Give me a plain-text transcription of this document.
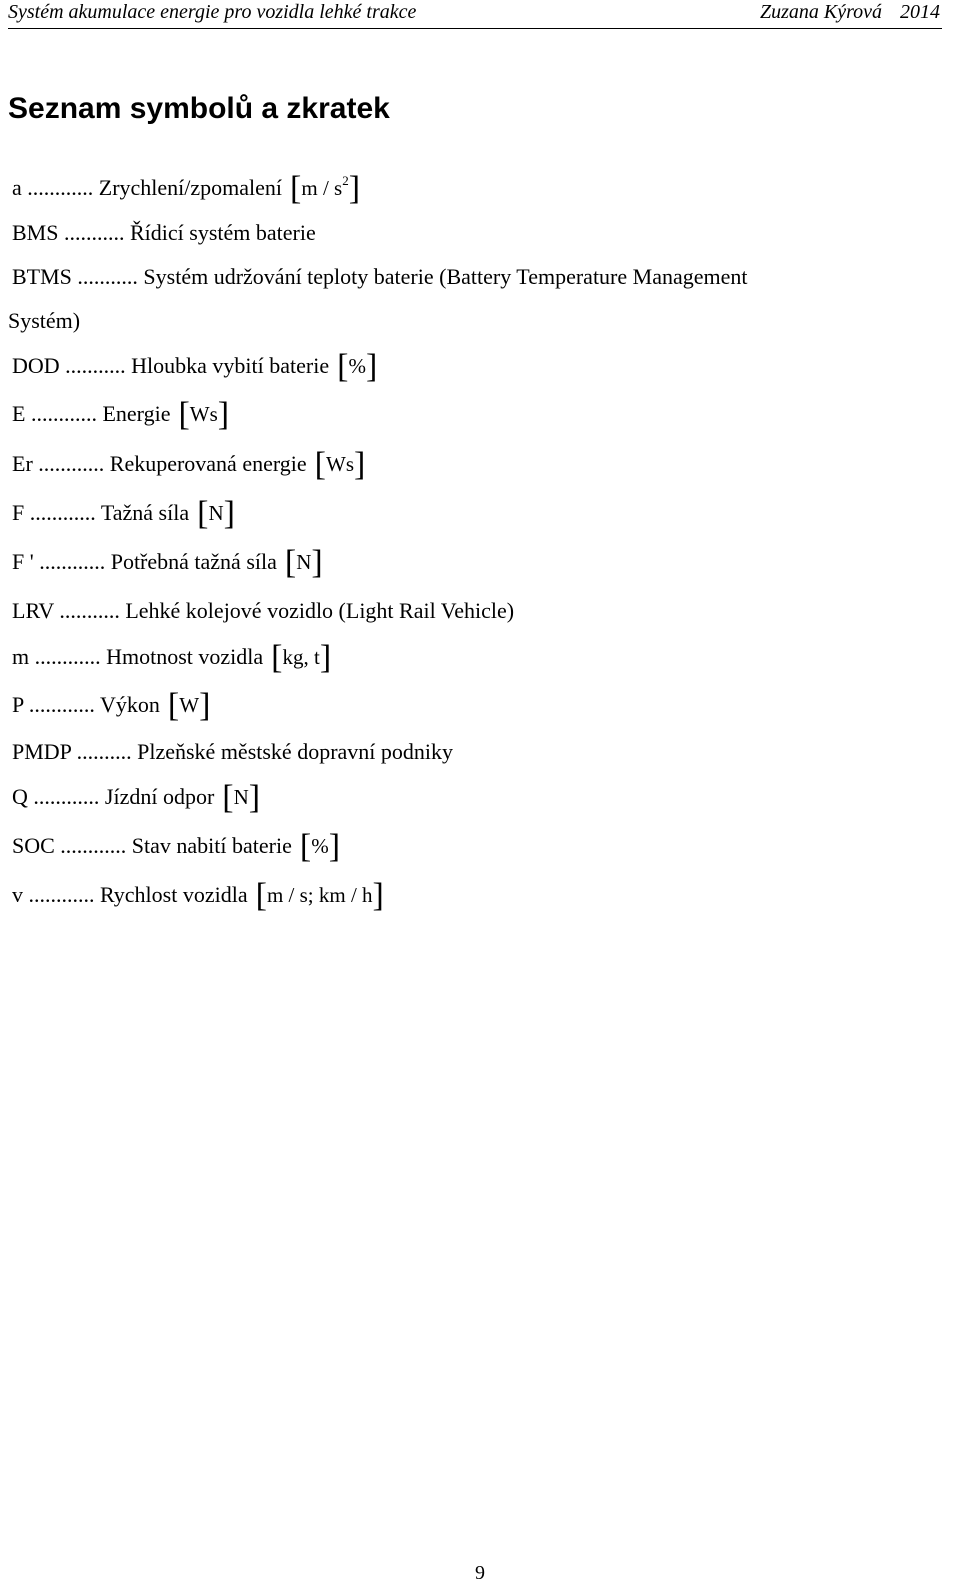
Systém akumulace energie pro vozidla lehké trakce	Zuzana Kýrová 2014
Seznam symbolů a zkratek
a ............ Zrychlení/zpomalení $[m / s^2]$
BMS ........... Řídicí systém baterie
BTMS ........... Systém udržování teploty baterie (Battery Temperature Management
Systém)
DOD ........... Hloubka vybití baterie [%]
E ............ Energie [Ws]
Er ............ Rekuperovaná energie [Ws]
F ............ Tažná síla [N]
F ' ............ Potřebná tažná síla [N]
LRV ........... Lehké kolejové vozidlo (Light Rail Vehicle)
m ............ Hmotnost vozidla [kg, t]
P ............ Výkon [W]
PMDP .......... Plzeňské městské dopravní podniky
Q ............ Jízdní odpor [N]
SOC ............ Stav nabití baterie [%]
v ............ Rychlost vozidla [m / s; km / h]
9
